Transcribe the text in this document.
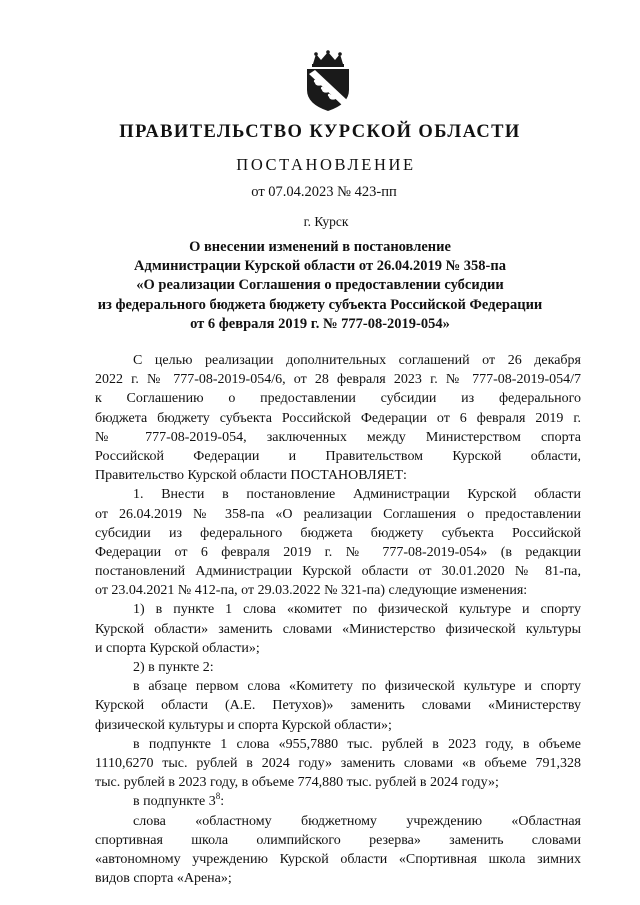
ПРАВИТЕЛЬСТВО КУРСКОЙ ОБЛАСТИ
ПОСТАНОВЛЕНИЕ
от 07.04.2023 № 423-пп
г. Курск
О внесении изменений в постановление
Администрации Курской области от 26.04.2019 № 358-па
«О реализации Соглашения о предоставлении субсидии
из федерального бюджета бюджету субъекта Российской Федерации
от 6 февраля 2019 г. № 777-08-2019-054»
С целью реализации дополнительных соглашений от 26 декабря
2022 г. № 777-08-2019-054/6, от 28 февраля 2023 г. № 777-08-2019-054/7
к Соглашению о предоставлении субсидии из федерального
бюджета бюджету субъекта Российской Федерации от 6 февраля 2019 г.
№ 777-08-2019-054, заключенных между Министерством спорта
Российской Федерации и Правительством Курской области,
Правительство Курской области ПОСТАНОВЛЯЕТ:
1. Внести в постановление Администрации Курской области
от 26.04.2019 № 358-па «О реализации Соглашения о предоставлении
субсидии из федерального бюджета бюджету субъекта Российской
Федерации от 6 февраля 2019 г. № 777-08-2019-054» (в редакции
постановлений Администрации Курской области от 30.01.2020 № 81-па,
от 23.04.2021 № 412-па, от 29.03.2022 № 321-па) следующие изменения:
1) в пункте 1 слова «комитет по физической культуре и спорту
Курской области» заменить словами «Министерство физической культуры
и спорта Курской области»;
2) в пункте 2:
в абзаце первом слова «Комитету по физической культуре и спорту
Курской области (А.Е. Петухов)» заменить словами «Министерству
физической культуры и спорта Курской области»;
в подпункте 1 слова «955,7880 тыс. рублей в 2023 году, в объеме
1110,6270 тыс. рублей в 2024 году» заменить словами «в объеме 791,328
тыс. рублей в 2023 году, в объеме 774,880 тыс. рублей в 2024 году»;
в подпункте $3^8$:
слова «областному бюджетному учреждению «Областная
спортивная школа олимпийского резерва» заменить словами
«автономному учреждению Курской области «Спортивная школа зимних
видов спорта «Арена»;
